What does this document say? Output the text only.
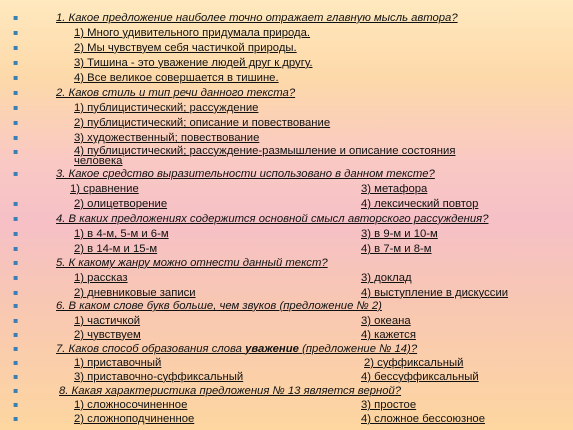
▪
1. Какое предложение наиболее точно отражает главную мысль автора?
▪
1) Много удивительного придумала природа.
▪
2) Мы чувствуем себя частичкой природы.
▪
3) Тишина - это уважение людей друг к другу.
▪
4) Все великое совершается в тишине.
▪
2. Каков стиль и тип речи данного текста?
▪
1) публицистический; рассуждение
▪
2) публицистический; описание и повествование
▪
3) художественный; повествование
▪
4) публицистический; рассуждение-размышление и описание состояния человека
▪
3. Какое средство выразительности использовано в данном тексте?
1) сравнение	3) метафора
▪
2) олицетворение	4) лексический повтор
▪
4. В каких предложениях содержится основной смысл авторского рассуждения?
▪
1) в 4-м, 5-м и 6-м	3) в 9-м и 10-м
▪
2) в 14-м и 15-м	4) в 7-м и 8-м
▪
5. К какому жанру можно отнести данный текст?
▪
1) рассказ	3) доклад
▪
2) дневниковые записи	4) выступление в дискуссии
▪
6. В каком слове букв больше, чем звуков (предложение № 2)
▪
1) частичкой	3) океана
▪
2) чувствуем	4) кажется
▪
7. Каков способ образования слова уважение (предложение № 14)?
▪
1) приставочный	2) суффиксальный
▪
3) приставочно-суффиксальный	4) бессуффиксальный
▪
8. Какая характеристика предложения № 13 является верной?
▪
1) сложносочиненное	3) простое
▪
2) сложноподчиненное	4) сложное бессоюзное
